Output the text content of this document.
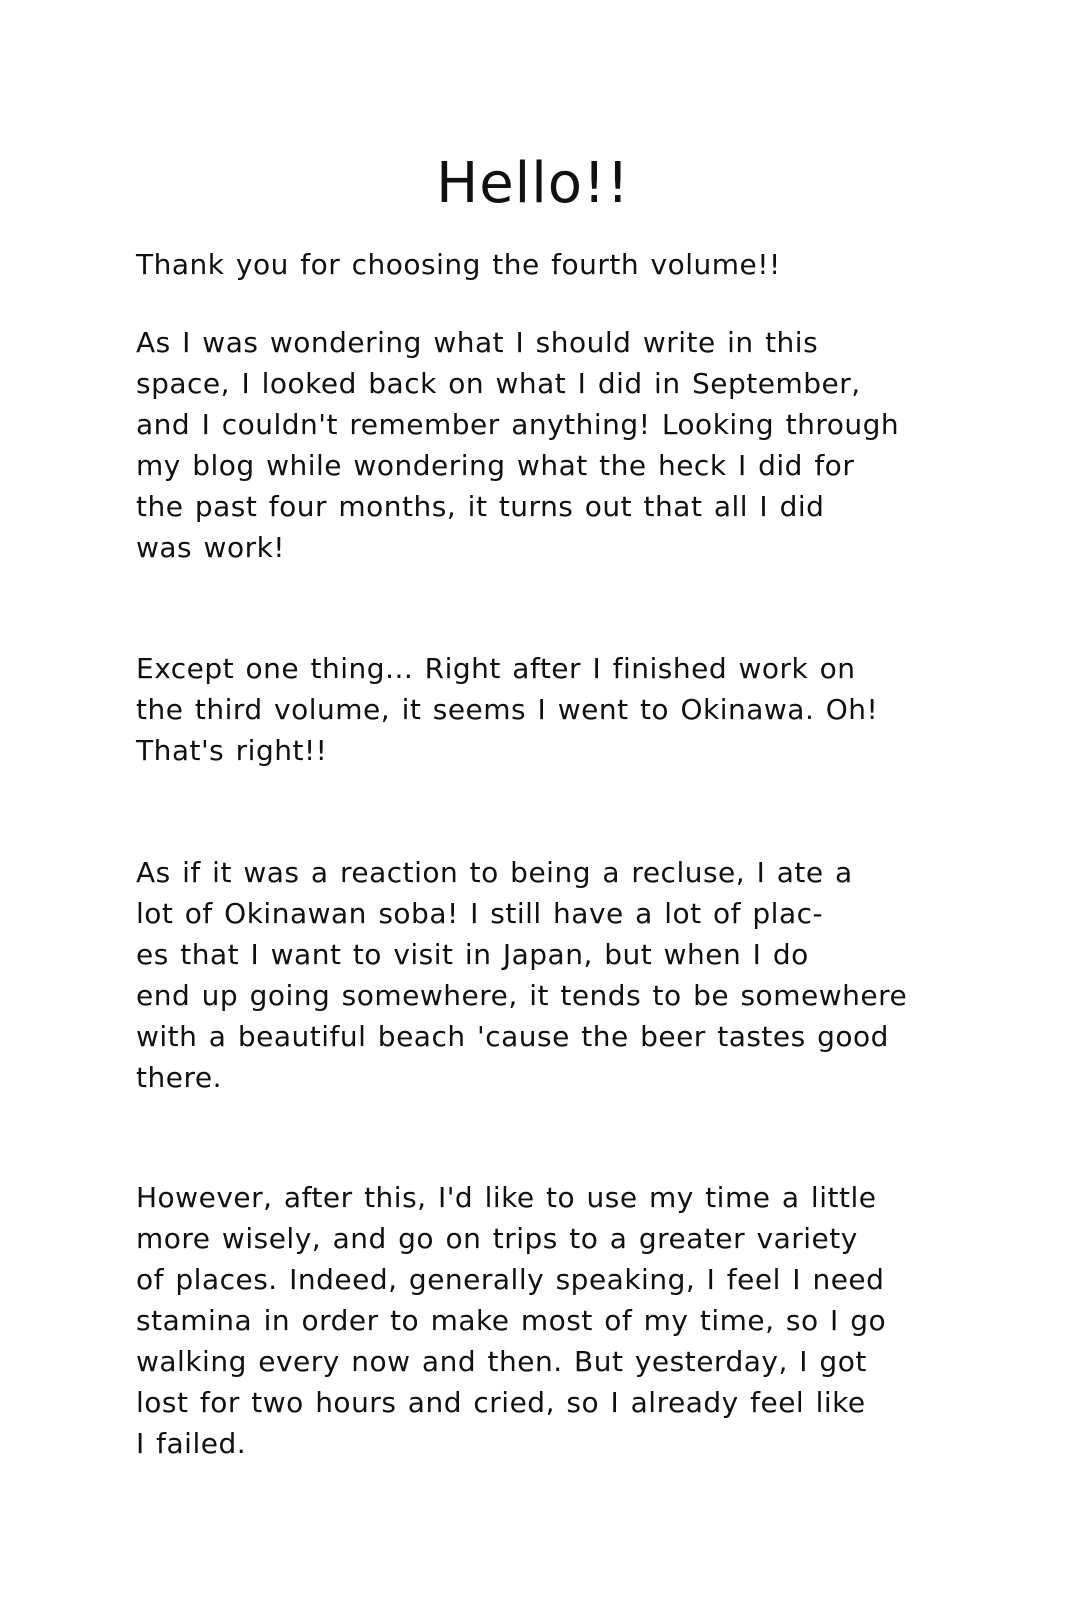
Hello!!

Thank you for choosing the fourth volume!!

As I was wondering what I should write in this
space, I looked back on what I did in September,
and I couldn't remember anything! Looking through
my blog while wondering what the heck I did for
the past four months, it turns out that all I did
was work!

Except one thing... Right after I finished work on
the third volume, it seems I went to Okinawa. Oh!
That's right!!

As if it was a reaction to being a recluse, I ate a
lot of Okinawan soba! I still have a lot of plac-
es that I want to visit in Japan, but when I do
end up going somewhere, it tends to be somewhere
with a beautiful beach 'cause the beer tastes good
there.

However, after this, I'd like to use my time a little
more wisely, and go on trips to a greater variety
of places. Indeed, generally speaking, I feel I need
stamina in order to make most of my time, so I go
walking every now and then. But yesterday, I got
lost for two hours and cried, so I already feel like
I failed.
